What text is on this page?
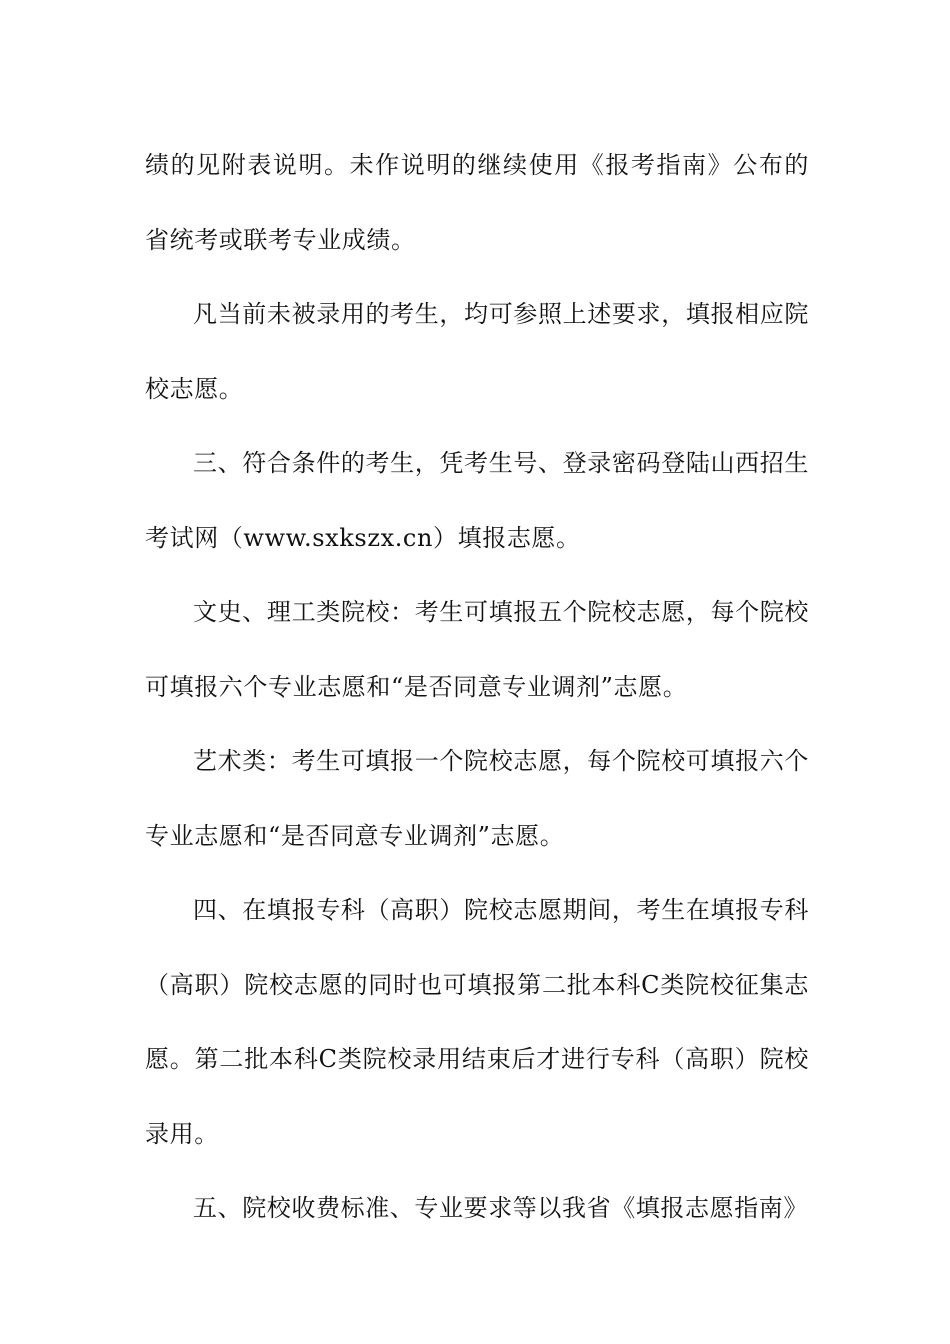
绩的见附表说明。未作说明的继续使用《报考指南》公布的省统考或联考专业成绩。

凡当前未被录用的考生，均可参照上述要求，填报相应院校志愿。

三、符合条件的考生，凭考生号、登录密码登陆山西招生考试网（www.sxkszx.cn）填报志愿。

文史、理工类院校：考生可填报五个院校志愿，每个院校可填报六个专业志愿和“是否同意专业调剂”志愿。

艺术类：考生可填报一个院校志愿，每个院校可填报六个专业志愿和“是否同意专业调剂”志愿。

四、在填报专科（高职）院校志愿期间，考生在填报专科（高职）院校志愿的同时也可填报第二批本科C类院校征集志愿。第二批本科C类院校录用结束后才进行专科（高职）院校录用。

五、院校收费标准、专业要求等以我省《填报志愿指南》
